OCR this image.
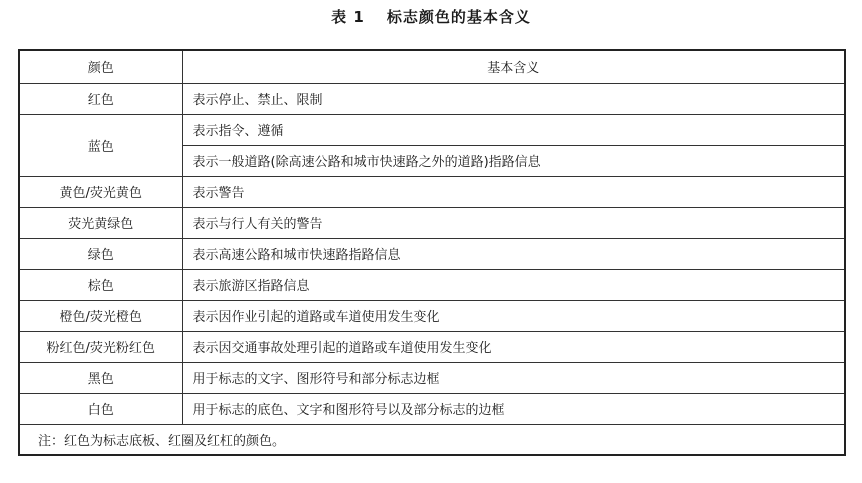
表 1 标志颜色的基本含义
颜色	基本含义
红色	表示停止、禁止、限制
蓝色	表示指令、遵循
	表示一般道路(除高速公路和城市快速路之外的道路)指路信息
黄色/荧光黄色	表示警告
荧光黄绿色	表示与行人有关的警告
绿色	表示高速公路和城市快速路指路信息
棕色	表示旅游区指路信息
橙色/荧光橙色	表示因作业引起的道路或车道使用发生变化
粉红色/荧光粉红色	表示因交通事故处理引起的道路或车道使用发生变化
黑色	用于标志的文字、图形符号和部分标志边框
白色	用于标志的底色、文字和图形符号以及部分标志的边框
注：红色为标志底板、红圈及红杠的颜色。	
